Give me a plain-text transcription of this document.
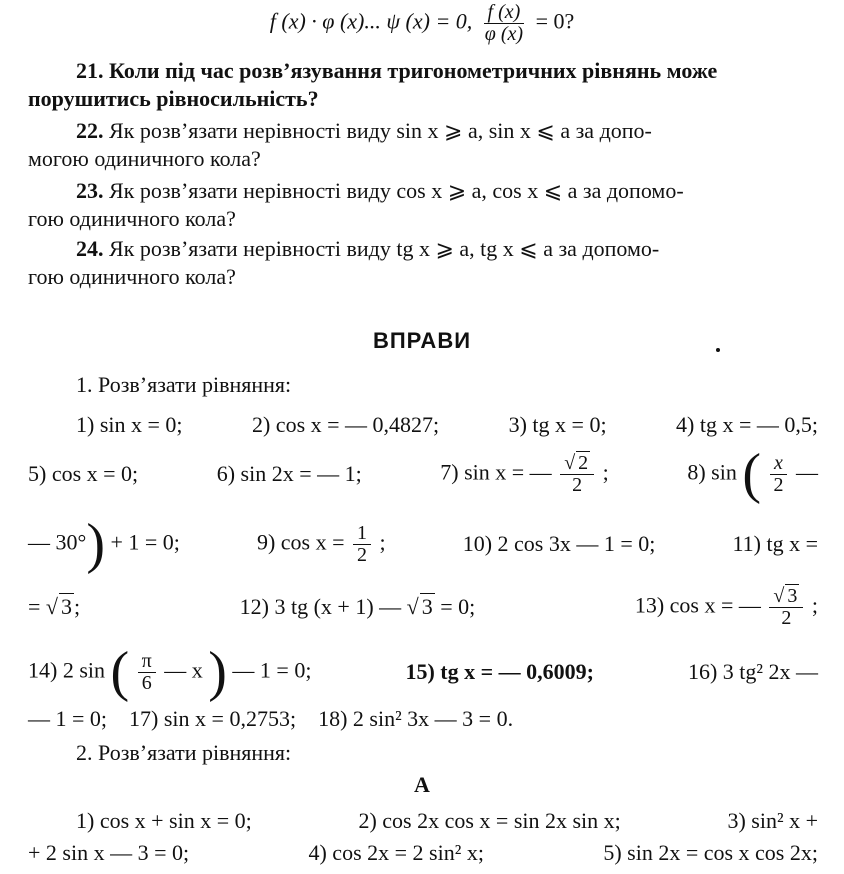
f (x) · φ (x)... ψ (x) = 0, $\frac{f (x)}{\varphi (x)} = 0$?
21. Коли під час розв’язування тригонометричних рівнянь може
порушитись рівносильність?
22. Як розв’язати нерівності виду sin x ⩾ a, sin x ⩽ a за допо-
могою одиничного кола?
23. Як розв’язати нерівності виду cos x ⩾ a, cos x ⩽ a за допомо-
гою одиничного кола?
24. Як розв’язати нерівності виду tg x ⩾ a, tg x ⩽ a за допомо-
гою одиничного кола?
ВПРАВИ
1. Розв’язати рівняння:
1) sin x = 0;	2) cos x = — 0,4827;	3) tg x = 0;	4) tg x = — 0,5;
5) cos x = 0;	6) sin 2x = — 1;	7) sin x = — $\frac{√ 2}{2}$ ;	8) sin ( $\frac{x}{2}$ —
— 30°) + 1 = 0;	9) $\cos x = \frac{1}{2}$ ;	10) 2 cos 3x — 1 = 0;	11) tg x =
= √ 3;	12) 3 tg (x + 1) — √ 3 = 0;	13) cos x = — $\frac{√ 3}{2}$ ;
14) 2 sin ( $\frac{\pi}{6}$ — x ) — 1 = 0;	15) tg x = — 0,6009;	16) 3 tg² 2x —
— 1 = 0; 17) sin x = 0,2753; 18) 2 sin² 3x — 3 = 0.
2. Розв’язати рівняння:
А
1) cos x + sin x = 0;	2) cos 2x cos x = sin 2x sin x;	3) sin² x +
+ 2 sin x — 3 = 0;	4) cos 2x = 2 sin² x;	5) sin 2x = cos x cos 2x;
